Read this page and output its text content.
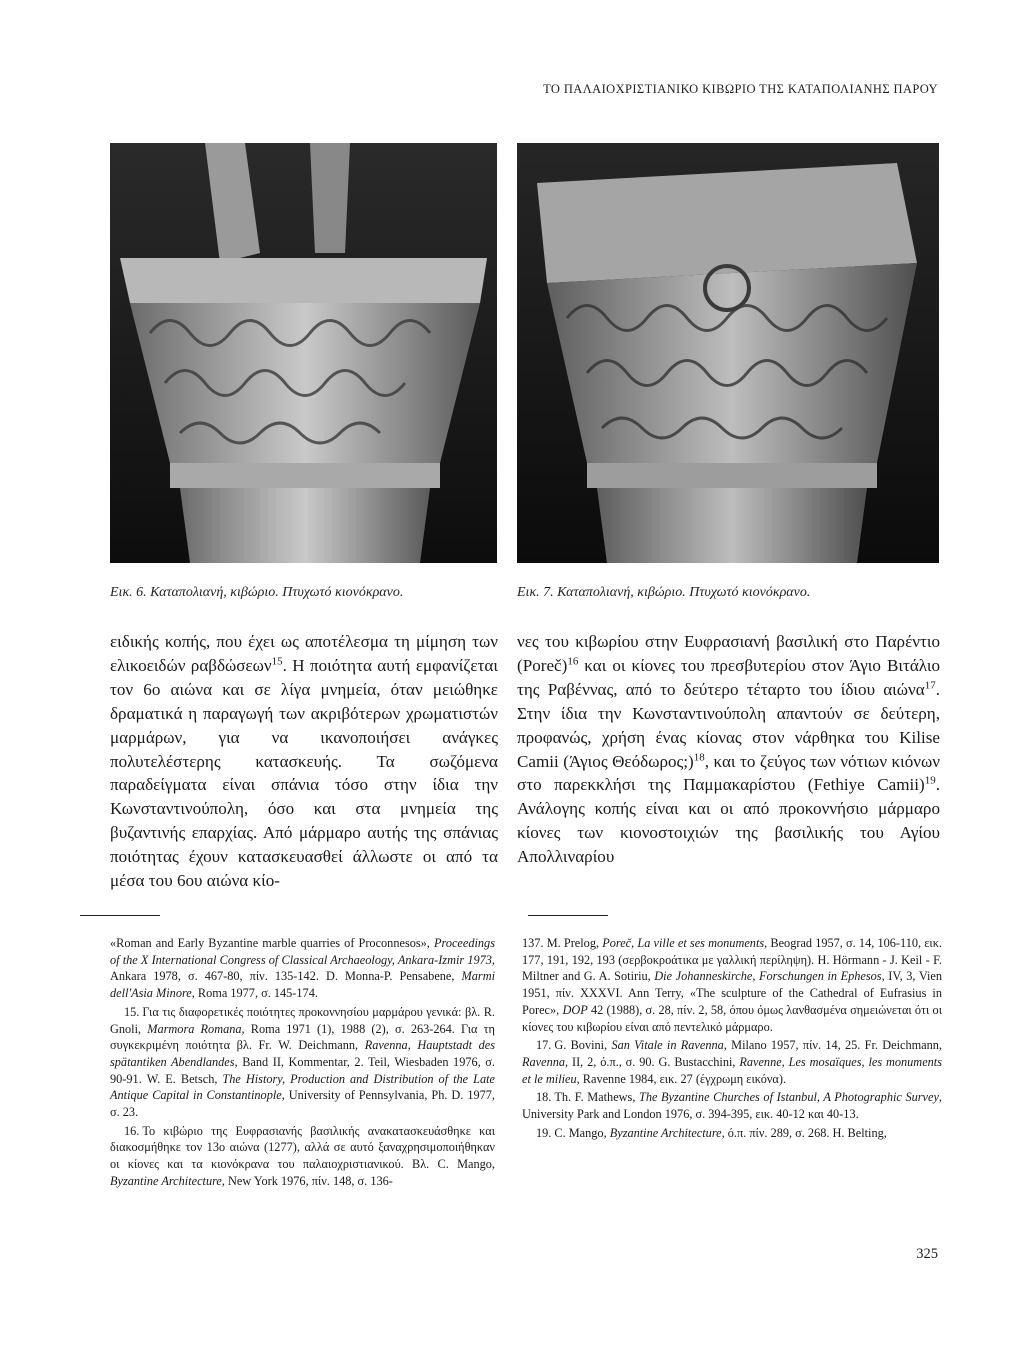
ΤΟ ΠΑΛΑΙΟΧΡΙΣΤΙΑΝΙΚΟ ΚΙΒΩΡΙΟ ΤΗΣ ΚΑΤΑΠΟΛΙΑΝΗΣ ΠΑΡΟΥ
Εικ. 6. Καταπολιανή, κιβώριο. Πτυχωτό κιονόκρανο.	Εικ. 7. Καταπολιανή, κιβώριο. Πτυχωτό κιονόκρανο.

ειδικής κοπής, που έχει ως αποτέλεσμα τη μίμηση των ελικοειδών ραβδώσεων$^{15}$. Η ποιότητα αυτή εμφανίζεται τον 6ο αιώνα και σε λίγα μνημεία, όταν μειώθηκε δραματικά η παραγωγή των ακριβότερων χρωματιστών μαρμάρων, για να ικανοποιήσει ανάγκες πολυτελέστερης κατασκευής. Τα σωζόμενα παραδείγματα είναι σπάνια τόσο στην ίδια την Κωνσταντινούπολη, όσο και στα μνημεία της βυζαντινής επαρχίας. Από μάρμαρο αυτής της σπάνιας ποιότητας έχουν κατασκευασθεί άλλωστε οι από τα μέσα του 6ου αιώνα κίο-

νες του κιβωρίου στην Ευφρασιανή βασιλική στο Παρέντιο (Poreč)$^{16}$ και οι κίονες του πρεσβυτερίου στον Άγιο Βιτάλιο της Ραβέννας, από το δεύτερο τέταρτο του ίδιου αιώνα$^{17}$. Στην ίδια την Κωνσταντινούπολη απαντούν σε δεύτερη, προφανώς, χρήση ένας κίονας στον νάρθηκα του Kilise Camii (Άγιος Θεόδωρος;)$^{18}$, και το ζεύγος των νότιων κιόνων στο παρεκκλήσι της Παμμακαρίστου (Fethiye Camii)$^{19}$. Ανάλογης κοπής είναι και οι από προκοννήσιο μάρμαρο κίονες των κιονοστοιχιών της βασιλικής του Αγίου Απολλιναρίου

«Roman and Early Byzantine marble quarries of Proconnesos», Proceedings of the X International Congress of Classical Archaeology, Ankara-Izmir 1973, Ankara 1978, σ. 467-80, πίν. 135-142. D. Monna-P. Pensabene, Marmi dell'Asia Minore, Roma 1977, σ. 145-174.

15. Για τις διαφορετικές ποιότητες προκοννησίου μαρμάρου γενικά: βλ. R. Gnoli, Marmora Romana, Roma 1971 (1), 1988 (2), σ. 263-264. Για τη συγκεκριμένη ποιότητα βλ. Fr. W. Deichmann, Ravenna, Hauptstadt des spätantiken Abendlandes, Band II, Kommentar, 2. Teil, Wiesbaden 1976, σ. 90-91. W. E. Betsch, The History, Production and Distribution of the Late Antique Capital in Constantinople, University of Pennsylvania, Ph. D. 1977, σ. 23.

16. Το κιβώριο της Ευφρασιανής βασιλικής ανακατασκευάσθηκε και διακοσμήθηκε τον 13ο αιώνα (1277), αλλά σε αυτό ξαναχρησιμοποιήθηκαν οι κίονες και τα κιονόκρανα του παλαιοχριστιανικού. Βλ. C. Mango, Byzantine Architecture, New York 1976, πίν. 148, σ. 136-

137. M. Prelog, Poreč, La ville et ses monuments, Beograd 1957, σ. 14, 106-110, εικ. 177, 191, 192, 193 (σερβοκροάτικα με γαλλική περίληψη). H. Hörmann - J. Keil - F. Miltner and G. A. Sotiriu, Die Johanneskirche, Forschungen in Ephesos, IV, 3, Vien 1951, πίν. XXXVI. Ann Terry, «The sculpture of the Cathedral of Eufrasius in Porec», DOP 42 (1988), σ. 28, πίν. 2, 58, όπου όμως λανθασμένα σημειώνεται ότι οι κίονες του κιβωρίου είναι από πεντελικό μάρμαρο.

17. G. Bovini, San Vitale in Ravenna, Milano 1957, πίν. 14, 25. Fr. Deichmann, Ravenna, II, 2, ό.π., σ. 90. G. Bustacchini, Ravenne, Les mosaïques, les monuments et le milieu, Ravenne 1984, εικ. 27 (έγχρωμη εικόνα).

18. Th. F. Mathews, The Byzantine Churches of Istanbul, A Photographic Survey, University Park and London 1976, σ. 394-395, εικ. 40-12 και 40-13.

19. C. Mango, Byzantine Architecture, ό.π. πίν. 289, σ. 268. H. Belting,

325
